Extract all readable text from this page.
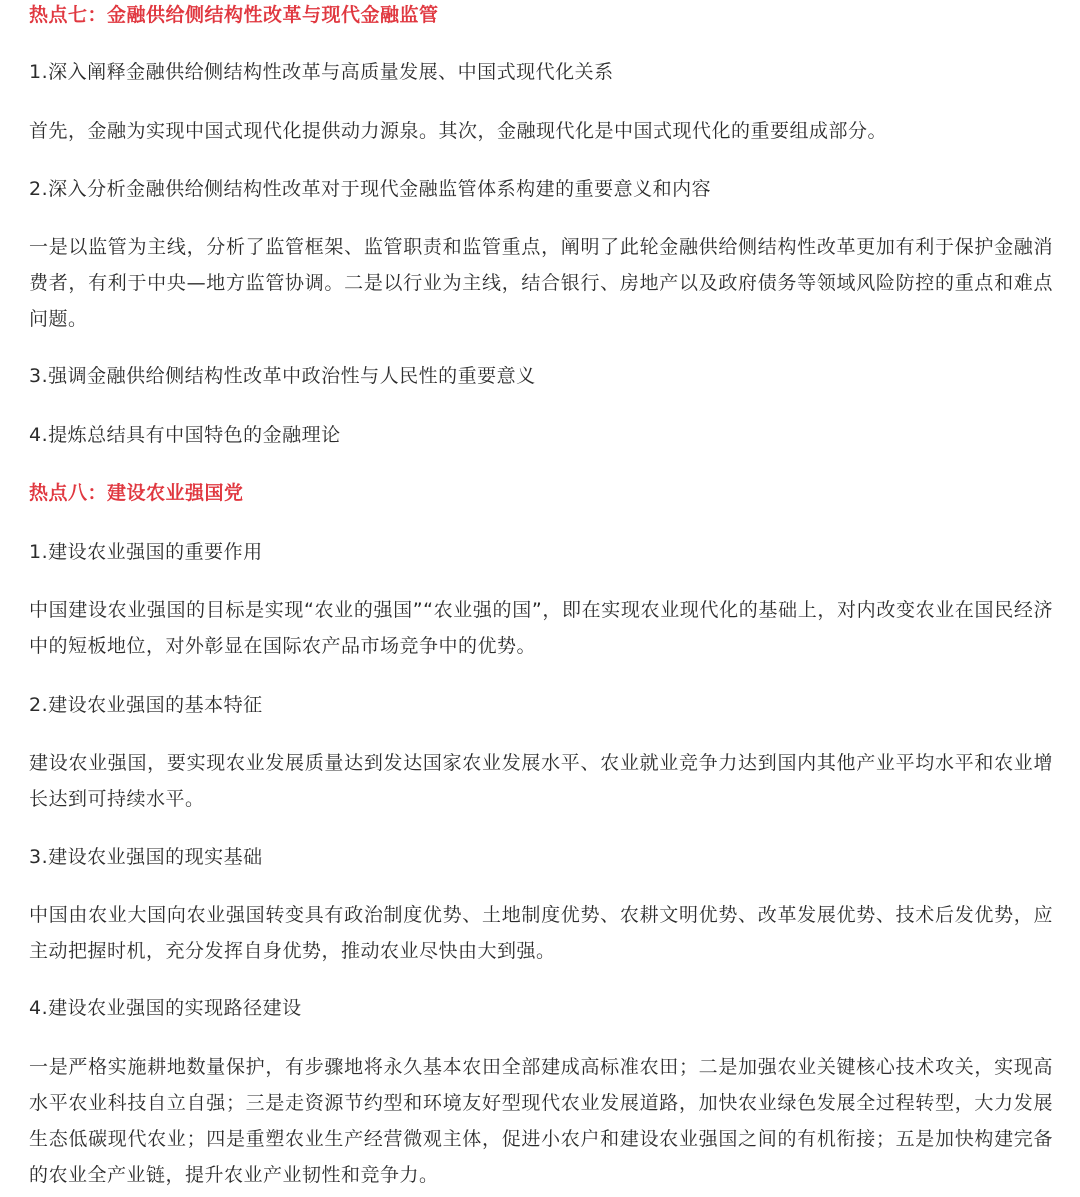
热点七：金融供给侧结构性改革与现代金融监管
1.深入阐释金融供给侧结构性改革与高质量发展、中国式现代化关系
首先，金融为实现中国式现代化提供动力源泉。其次，金融现代化是中国式现代化的重要组成部分。
2.深入分析金融供给侧结构性改革对于现代金融监管体系构建的重要意义和内容
一是以监管为主线，分析了监管框架、监管职责和监管重点，阐明了此轮金融供给侧结构性改革更加有利于保护金融消费者，有利于中央—地方监管协调。二是以行业为主线，结合银行、房地产以及政府债务等领域风险防控的重点和难点问题。
3.强调金融供给侧结构性改革中政治性与人民性的重要意义
4.提炼总结具有中国特色的金融理论
热点八：建设农业强国党
1.建设农业强国的重要作用
中国建设农业强国的目标是实现“农业的强国”“农业强的国”，即在实现农业现代化的基础上，对内改变农业在国民经济中的短板地位，对外彰显在国际农产品市场竞争中的优势。
2.建设农业强国的基本特征
建设农业强国，要实现农业发展质量达到发达国家农业发展水平、农业就业竞争力达到国内其他产业平均水平和农业增长达到可持续水平。
3.建设农业强国的现实基础
中国由农业大国向农业强国转变具有政治制度优势、土地制度优势、农耕文明优势、改革发展优势、技术后发优势，应主动把握时机，充分发挥自身优势，推动农业尽快由大到强。
4.建设农业强国的实现路径建设
一是严格实施耕地数量保护，有步骤地将永久基本农田全部建成高标准农田；二是加强农业关键核心技术攻关，实现高水平农业科技自立自强；三是走资源节约型和环境友好型现代农业发展道路，加快农业绿色发展全过程转型，大力发展生态低碳现代农业；四是重塑农业生产经营微观主体，促进小农户和建设农业强国之间的有机衔接；五是加快构建完备的农业全产业链，提升农业产业韧性和竞争力。
